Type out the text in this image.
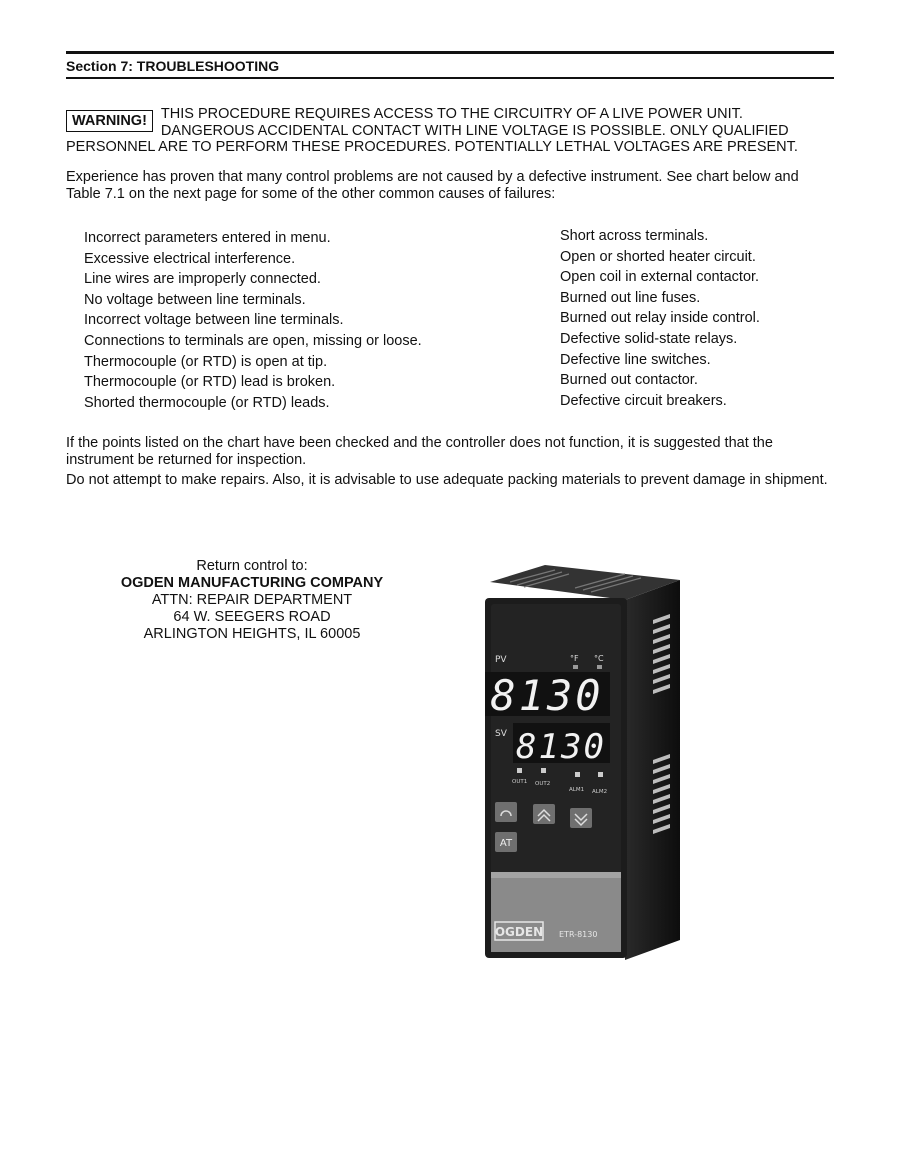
Section 7: TROUBLESHOOTING
WARNING! THIS PROCEDURE REQUIRES ACCESS TO THE CIRCUITRY OF A LIVE POWER UNIT. DANGEROUS ACCIDENTAL CONTACT WITH LINE VOLTAGE IS POSSIBLE. ONLY QUALIFIED PERSONNEL ARE TO PERFORM THESE PROCEDURES. POTENTIALLY LETHAL VOLTAGES ARE PRESENT.

Experience has proven that many control problems are not caused by a defective instrument. See chart below and Table 7.1 on the next page for some of the other common causes of failures:

Incorrect parameters entered in menu.
Excessive electrical interference.
Line wires are improperly connected.
No voltage between line terminals.
Incorrect voltage between line terminals.
Connections to terminals are open, missing or loose.
Thermocouple (or RTD) is open at tip.
Thermocouple (or RTD) lead is broken.
Shorted thermocouple (or RTD) leads.
Short across terminals.
Open or shorted heater circuit.
Open coil in external contactor.
Burned out line fuses.
Burned out relay inside control.
Defective solid-state relays.
Defective line switches.
Burned out contactor.
Defective circuit breakers.

If the points listed on the chart have been checked and the controller does not function, it is suggested that the instrument be returned for inspection.

Do not attempt to make repairs. Also, it is advisable to use adequate packing materials to prevent damage in shipment.

Return control to:
OGDEN MANUFACTURING COMPANY
ATTN: REPAIR DEPARTMENT
64 W. SEEGERS ROAD
ARLINGTON HEIGHTS, IL 60005
PV	°F °C
8130
SV 8130
OUT1 OUT2
ALM1 ALM2
AT
OGDEN ETR-8130
